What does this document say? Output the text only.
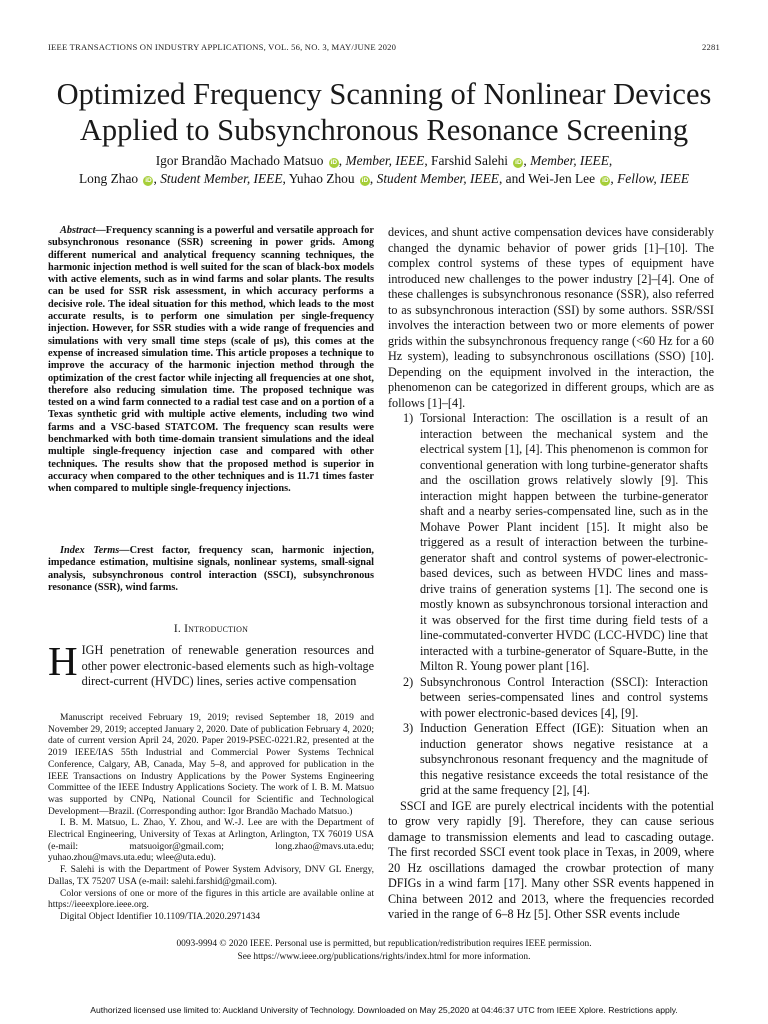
IEEE TRANSACTIONS ON INDUSTRY APPLICATIONS, VOL. 56, NO. 3, MAY/JUNE 2020	2281
Optimized Frequency Scanning of Nonlinear Devices Applied to Subsynchronous Resonance Screening
Igor Brandão Machado Matsuo iD , Member, IEEE, Farshid Salehi iD , Member, IEEE,
Long Zhao iD , Student Member, IEEE, Yuhao Zhou iD , Student Member, IEEE, and Wei-Jen Lee iD , Fellow, IEEE

Abstract—Frequency scanning is a powerful and versatile approach for subsynchronous resonance (SSR) screening in power grids. Among different numerical and analytical frequency scanning techniques, the harmonic injection method is well suited for the scan of black-box models with active elements, such as in wind farms and solar plants. The results can be used for SSR risk assessment, in which accuracy performs a decisive role. The ideal situation for this method, which leads to the most accurate results, is to perform one simulation per single-frequency injection. However, for SSR studies with a wide range of frequencies and simulations with very small time steps (scale of μs), this comes at the expense of increased simulation time. This article proposes a technique to improve the accuracy of the harmonic injection method through the optimization of the crest factor while injecting all frequencies at one shot, therefore also reducing simulation time. The proposed technique was tested on a wind farm connected to a radial test case and on a portion of a Texas synthetic grid with multiple active elements, including two wind farms and a VSC-based STATCOM. The frequency scan results were benchmarked with both time-domain transient simulations and the ideal multiple single-frequency injection case and compared with other techniques. The results show that the proposed method is superior in accuracy when compared to the other techniques and is 11.71 times faster when compared to multiple single-frequency injections.

Index Terms—Crest factor, frequency scan, harmonic injection, impedance estimation, multisine signals, nonlinear systems, small-signal analysis, subsynchronous control interaction (SSCI), subsynchronous resonance (SSR), wind farms.

I. Introduction

HIGH penetration of renewable generation resources and other power electronic-based elements such as high-voltage direct-current (HVDC) lines, series active compensation

Manuscript received February 19, 2019; revised September 18, 2019 and November 29, 2019; accepted January 2, 2020. Date of publication February 4, 2020; date of current version April 24, 2020. Paper 2019-PSEC-0221.R2, presented at the 2019 IEEE/IAS 55th Industrial and Commercial Power Systems Technical Conference, Calgary, AB, Canada, May 5–8, and approved for publication in the IEEE Transactions on Industry Applications by the Power Systems Engineering Committee of the IEEE Industry Applications Society. The work of I. B. M. Matsuo was supported by CNPq, National Council for Scientific and Technological Development—Brazil. (Corresponding author: Igor Brandão Machado Matsuo.)

I. B. M. Matsuo, L. Zhao, Y. Zhou, and W.-J. Lee are with the Department of Electrical Engineering, University of Texas at Arlington, Arlington, TX 76019 USA (e-mail: matsuoigor@gmail.com; long.zhao@mavs.uta.edu; yuhao.zhou@mavs.uta.edu; wlee@uta.edu).

F. Salehi is with the Department of Power System Advisory, DNV GL Energy, Dallas, TX 75207 USA (e-mail: salehi.farshid@gmail.com).

Color versions of one or more of the figures in this article are available online at https://ieeexplore.ieee.org.

Digital Object Identifier 10.1109/TIA.2020.2971434

devices, and shunt active compensation devices have considerably changed the dynamic behavior of power grids [1]–[10]. The complex control systems of these types of equipment have introduced new challenges to the power industry [2]–[4]. One of these challenges is subsynchronous resonance (SSR), also referred to as subsynchronous interaction (SSI) by some authors. SSR/SSI involves the interaction between two or more elements of power grids within the subsynchronous frequency range (<60 Hz for a 60 Hz system), leading to subsynchronous oscillations (SSO) [10]. Depending on the equipment involved in the interaction, the phenomenon can be categorized in different groups, which are as follows [1]–[4].

1) Torsional Interaction: The oscillation is a result of an interaction between the mechanical system and the electrical system [1], [4]. This phenomenon is common for conventional generation with long turbine-generator shafts and the oscillation grows relatively slowly [9]. This interaction might happen between the turbine-generator shaft and a nearby series-compensated line, such as in the Mohave Power Plant incident [15]. It might also be triggered as a result of interaction between the turbine-generator shaft and control systems of power-electronic-based devices, such as between HVDC lines and mass-drive trains of generation systems [1]. The second one is mostly known as subsynchronous torsional interaction and it was observed for the first time during field tests of a line-commutated-converter HVDC (LCC-HVDC) line that interacted with a turbine-generator of Square-Butte, in the Milton R. Young power plant [16].
2) Subsynchronous Control Interaction (SSCI): Interaction between series-compensated lines and control systems with power electronic-based devices [4], [9].
3) Induction Generation Effect (IGE): Situation when an induction generator shows negative resistance at a subsynchronous resonant frequency and the magnitude of this negative resistance exceeds the total resistance of the grid at the same frequency [2], [4].

SSCI and IGE are purely electrical incidents with the potential to grow very rapidly [9]. Therefore, they can cause serious damage to transmission elements and lead to cascading outage. The first recorded SSCI event took place in Texas, in 2009, where 20 Hz oscillations damaged the crowbar protection of many DFIGs in a wind farm [17]. Many other SSR events happened in China between 2012 and 2013, where the frequencies recorded varied in the range of 6–8 Hz [5]. Other SSR events include

0093-9994 © 2020 IEEE. Personal use is permitted, but republication/redistribution requires IEEE permission.
See https://www.ieee.org/publications/rights/index.html for more information.
Authorized licensed use limited to: Auckland University of Technology. Downloaded on May 25,2020 at 04:46:37 UTC from IEEE Xplore. Restrictions apply.
